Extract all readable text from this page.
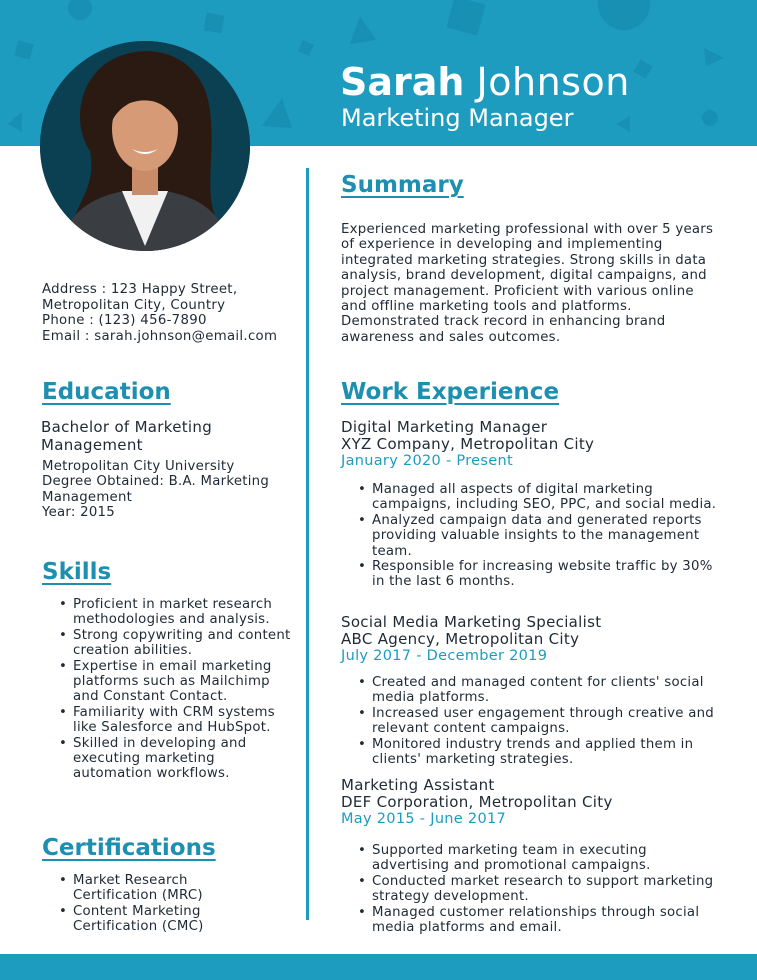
Sarah Johnson
Marketing Manager
Address : 123 Happy Street,
Metropolitan City, Country
Phone : (123) 456-7890
Email : sarah.johnson@email.com
Education
Bachelor of Marketing Management
Metropolitan City University
Degree Obtained: B.A. Marketing Management
Year: 2015
Skills
• Proficient in market research methodologies and analysis.
• Strong copywriting and content creation abilities.
• Expertise in email marketing platforms such as Mailchimp and Constant Contact.
• Familiarity with CRM systems like Salesforce and HubSpot.
• Skilled in developing and executing marketing automation workflows.
Certifications
• Market Research Certification (MRC)
• Content Marketing Certification (CMC)
Summary
Experienced marketing professional with over 5 years of experience in developing and implementing integrated marketing strategies. Strong skills in data analysis, brand development, digital campaigns, and project management. Proficient with various online and offline marketing tools and platforms. Demonstrated track record in enhancing brand awareness and sales outcomes.
Work Experience
Digital Marketing Manager
XYZ Company, Metropolitan City
January 2020 - Present
• Managed all aspects of digital marketing campaigns, including SEO, PPC, and social media.
• Analyzed campaign data and generated reports providing valuable insights to the management team.
• Responsible for increasing website traffic by 30% in the last 6 months.
Social Media Marketing Specialist
ABC Agency, Metropolitan City
July 2017 - December 2019
• Created and managed content for clients' social media platforms.
• Increased user engagement through creative and relevant content campaigns.
• Monitored industry trends and applied them in clients' marketing strategies.
Marketing Assistant
DEF Corporation, Metropolitan City
May 2015 - June 2017
• Supported marketing team in executing advertising and promotional campaigns.
• Conducted market research to support marketing strategy development.
• Managed customer relationships through social media platforms and email.
